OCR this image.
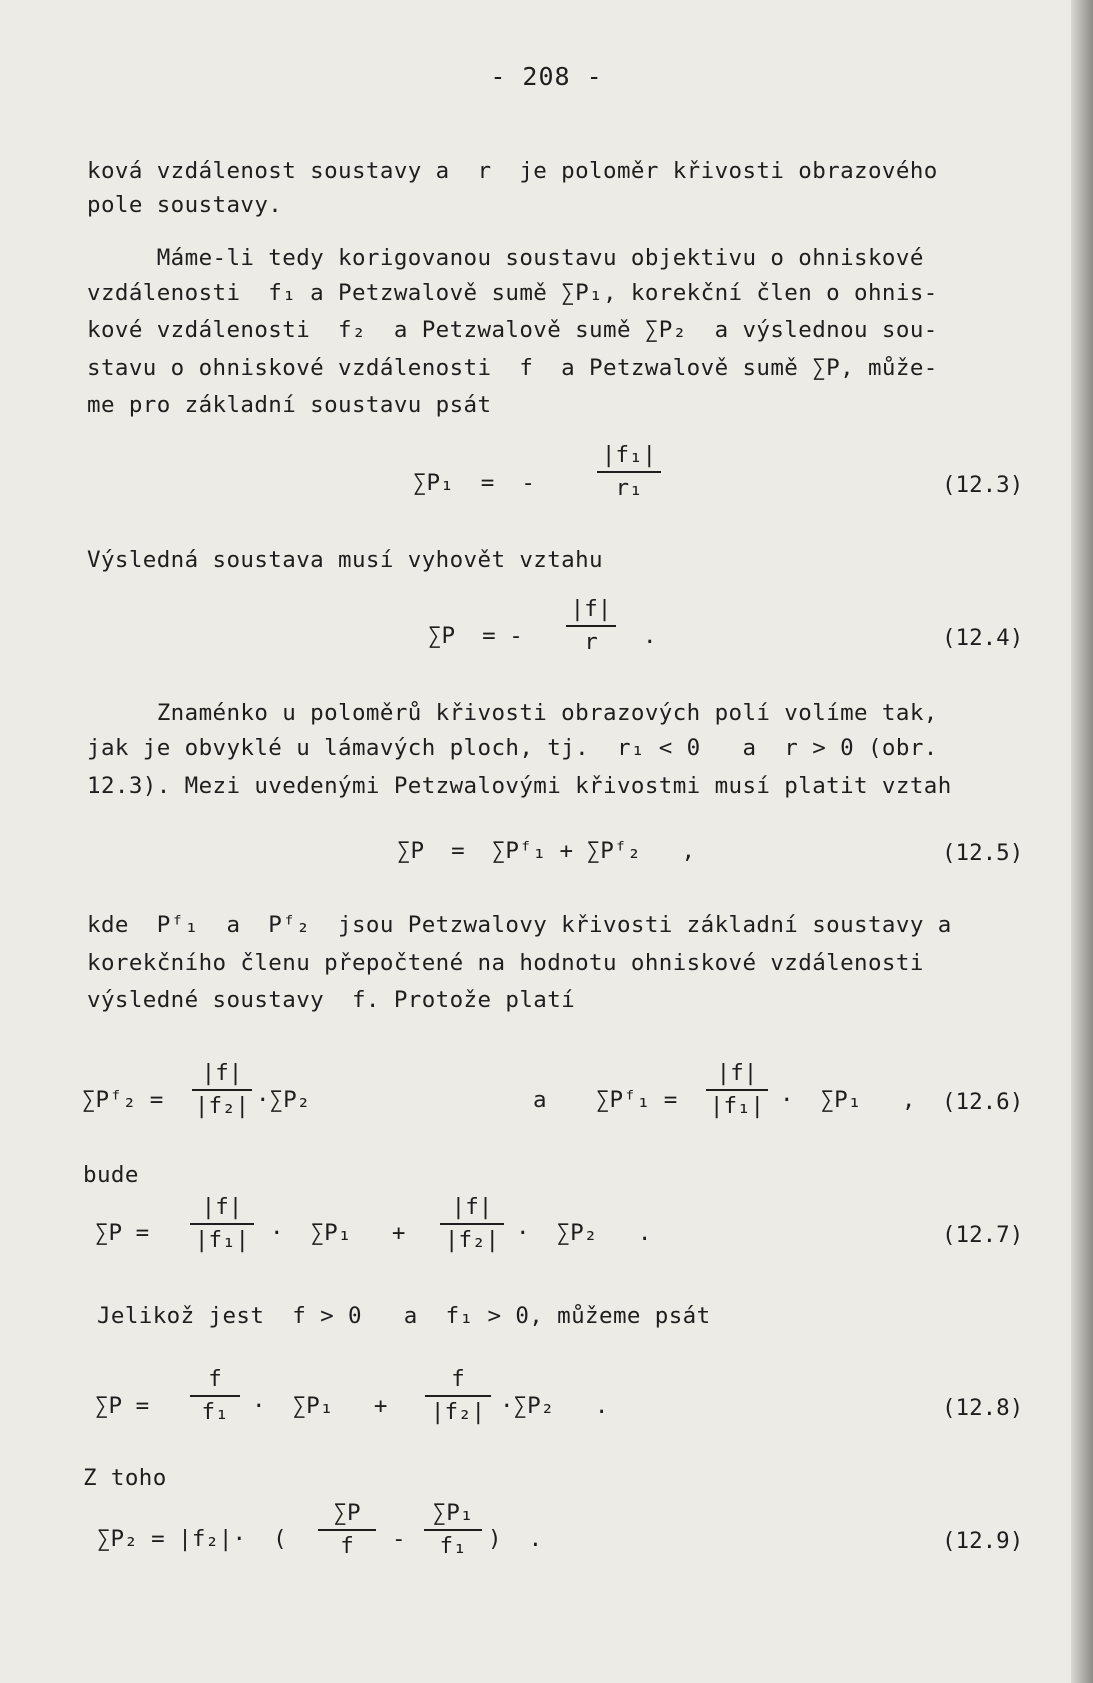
- 208 -
ková vzdálenost soustavy a  r  je poloměr křivosti obrazového
pole soustavy.
Máme-li tedy korigovanou soustavu objektivu o ohniskové
vzdálenosti  f₁ a Petzwalově sumě ∑P₁, korekční člen o ohnis-
kové vzdálenosti  f₂  a Petzwalově sumě ∑P₂  a výslednou sou-
stavu o ohniskové vzdálenosti  f  a Petzwalově sumě ∑P, může-
me pro základní soustavu psát
∑P₁  =  -
|f₁|
r₁	(12.3)
Výsledná soustava musí vyhovět vztahu
∑P  = -
|f|
r	.	(12.4)
Znaménko u poloměrů křivosti obrazových polí volíme tak,
jak je obvyklé u lámavých ploch, tj.  r₁ < 0   a  r > 0 (obr.
12.3). Mezi uvedenými Petzwalovými křivostmi musí platit vztah
∑P  =  ∑Pᶠ₁ + ∑Pᶠ₂   ,	(12.5)
kde  Pᶠ₁  a  Pᶠ₂  jsou Petzwalovy křivosti základní soustavy a
korekčního členu přepočtené na hodnotu ohniskové vzdálenosti
výsledné soustavy  f. Protože platí
∑Pᶠ₂ =
|f|
|f₂| ·∑P₂	a ∑Pᶠ₁ =
|f|
|f₁| ·  ∑P₁   , (12.6)
bude
∑P =
|f|
|f₁| ·  ∑P₁   +
|f|
|f₂| ·  ∑P₂   .	(12.7)
Jelikož jest  f > 0   a  f₁ > 0, můžeme psát
∑P =
f
f₁	·  ∑P₁   +
f
|f₂| ·∑P₂   .	(12.8)
Z toho
∑P₂ = |f₂|·  (
∑P
f	-
∑P₁
f₁ )  .	(12.9)
